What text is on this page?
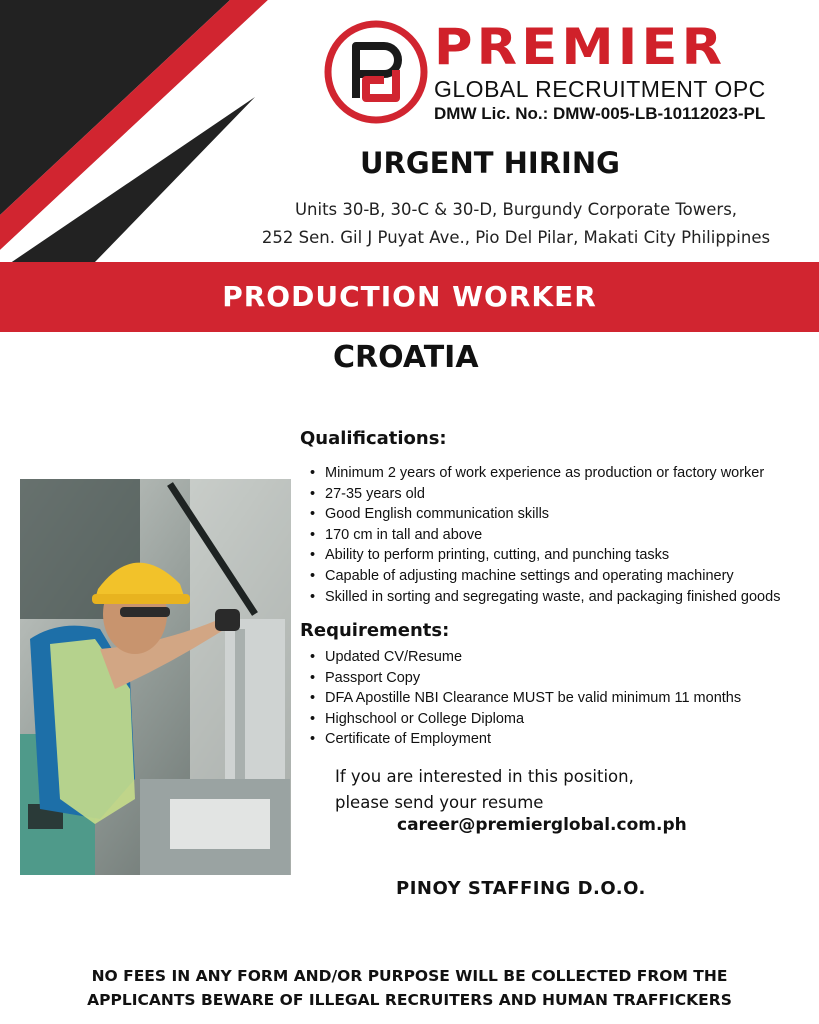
PREMIER
GLOBAL RECRUITMENT OPC
DMW Lic. No.: DMW-005-LB-10112023-PL
URGENT HIRING
Units 30-B, 30-C & 30-D, Burgundy Corporate Towers,
252 Sen. Gil J Puyat Ave., Pio Del Pilar, Makati City Philippines
PRODUCTION WORKER
CROATIA
Qualifications:
• Minimum 2 years of work experience as production or factory worker
• 27-35 years old
• Good English communication skills
• 170 cm in tall and above
• Ability to perform printing, cutting, and punching tasks
• Capable of adjusting machine settings and operating machinery
• Skilled in sorting and segregating waste, and packaging finished goods
Requirements:
• Updated CV/Resume
• Passport Copy
• DFA Apostille NBI Clearance MUST be valid minimum 11 months
• Highschool or College Diploma
• Certificate of Employment
If you are interested in this position,
please send your resume
career@premierglobal.com.ph
PINOY STAFFING D.O.O.
NO FEES IN ANY FORM AND/OR PURPOSE WILL BE COLLECTED FROM THE
APPLICANTS BEWARE OF ILLEGAL RECRUITERS AND HUMAN TRAFFICKERS
